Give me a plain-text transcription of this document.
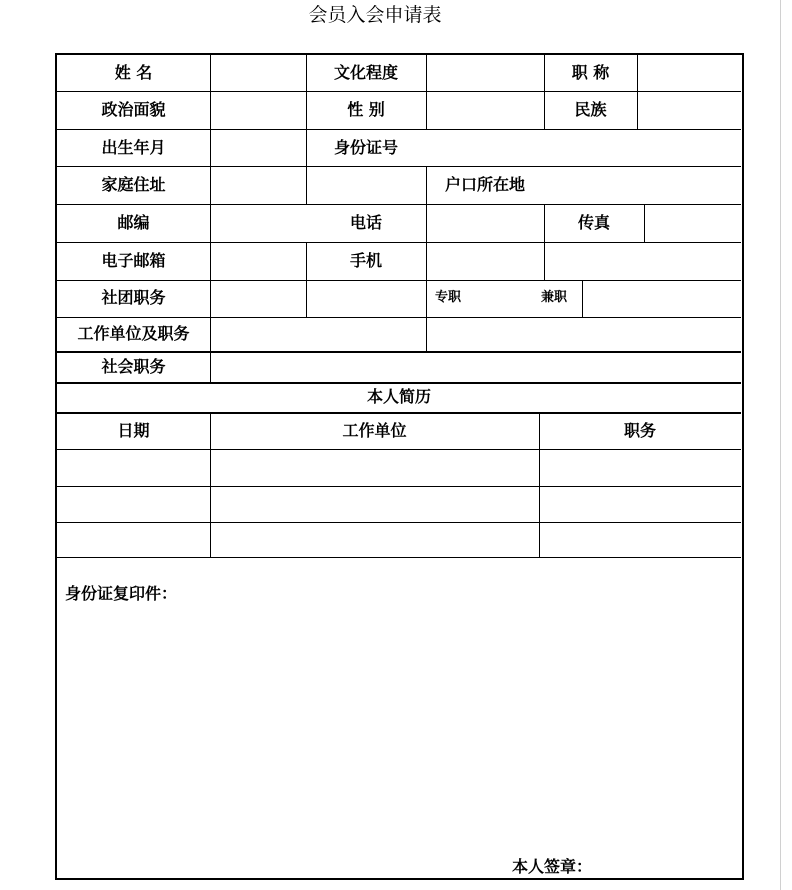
会员入会申请表
姓 名	文化程度	职 称
政治面貌	性 别	民族
出生年月	身份证号
家庭住址	户口所在地
邮编	电话	传真
电子邮箱	手机
社团职务	专职	兼职
工作单位及职务
社会职务
本人简历
日期	工作单位	职务
身份证复印件：
本人签章：
